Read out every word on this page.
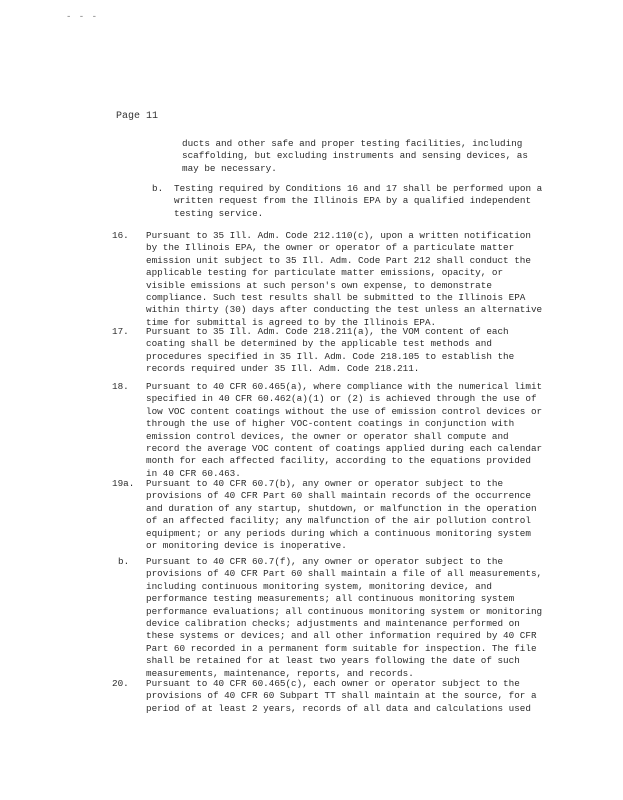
- - -
Page 11

ducts and other safe and proper testing facilities, including

scaffolding, but excluding instruments and sensing devices, as

may be necessary.

b. Testing required by Conditions 16 and 17 shall be performed upon a

written request from the Illinois EPA by a qualified independent

testing service.

16. Pursuant to 35 Ill. Adm. Code 212.110(c), upon a written notification

by the Illinois EPA, the owner or operator of a particulate matter

emission unit subject to 35 Ill. Adm. Code Part 212 shall conduct the

applicable testing for particulate matter emissions, opacity, or

visible emissions at such person's own expense, to demonstrate

compliance. Such test results shall be submitted to the Illinois EPA

within thirty (30) days after conducting the test unless an alternative

time for submittal is agreed to by the Illinois EPA.

17. Pursuant to 35 Ill. Adm. Code 218.211(a), the VOM content of each

coating shall be determined by the applicable test methods and

procedures specified in 35 Ill. Adm. Code 218.105 to establish the

records required under 35 Ill. Adm. Code 218.211.

18. Pursuant to 40 CFR 60.465(a), where compliance with the numerical limit

specified in 40 CFR 60.462(a)(1) or (2) is achieved through the use of

low VOC content coatings without the use of emission control devices or

through the use of higher VOC-content coatings in conjunction with

emission control devices, the owner or operator shall compute and

record the average VOC content of coatings applied during each calendar

month for each affected facility, according to the equations provided

in 40 CFR 60.463.

19a. Pursuant to 40 CFR 60.7(b), any owner or operator subject to the

provisions of 40 CFR Part 60 shall maintain records of the occurrence

and duration of any startup, shutdown, or malfunction in the operation

of an affected facility; any malfunction of the air pollution control

equipment; or any periods during which a continuous monitoring system

or monitoring device is inoperative.

b. Pursuant to 40 CFR 60.7(f), any owner or operator subject to the

provisions of 40 CFR Part 60 shall maintain a file of all measurements,

including continuous monitoring system, monitoring device, and

performance testing measurements; all continuous monitoring system

performance evaluations; all continuous monitoring system or monitoring

device calibration checks; adjustments and maintenance performed on

these systems or devices; and all other information required by 40 CFR

Part 60 recorded in a permanent form suitable for inspection. The file

shall be retained for at least two years following the date of such

measurements, maintenance, reports, and records.

20. Pursuant to 40 CFR 60.465(c), each owner or operator subject to the

provisions of 40 CFR 60 Subpart TT shall maintain at the source, for a

period of at least 2 years, records of all data and calculations used
